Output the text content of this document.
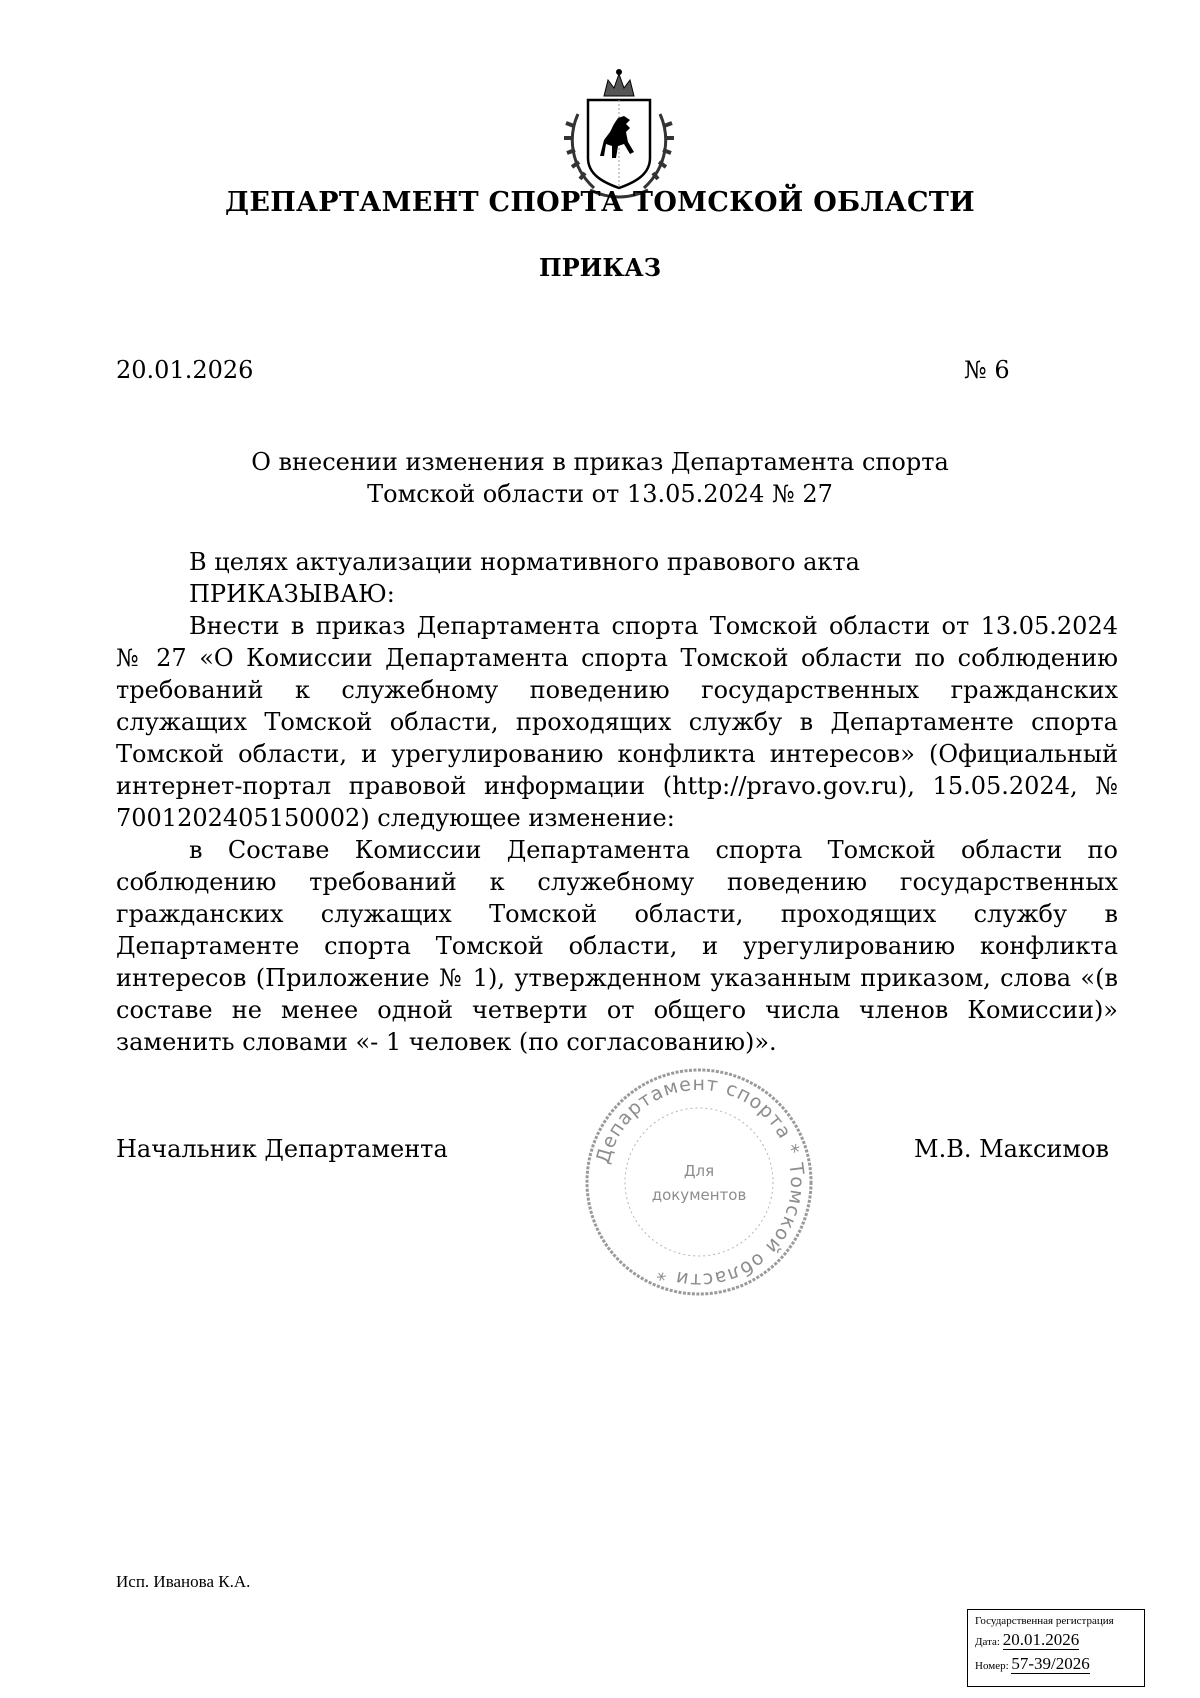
ДЕПАРТАМЕНТ СПОРТА ТОМСКОЙ ОБЛАСТИ
ПРИКАЗ
20.01.2026	№ 6
О внесении изменения в приказ Департамента спорта
Томской области от 13.05.2024 № 27

В целях актуализации нормативного правового акта

ПРИКАЗЫВАЮ:

Внести в приказ Департамента спорта Томской области от 13.05.2024 № 27 «О Комиссии Департамента спорта Томской области по соблюдению требований к служебному поведению государственных гражданских служащих Томской области, проходящих службу в Департаменте спорта Томской области, и урегулированию конфликта интересов» (Официальный интернет-портал правовой информации (http://pravo.gov.ru), 15.05.2024, № 7001202405150002) следующее изменение:

в Составе Комиссии Департамента спорта Томской области по соблюдению требований к служебному поведению государственных гражданских служащих Томской области, проходящих службу в Департаменте спорта Томской области, и урегулированию конфликта интересов (Приложение № 1), утвержденном указанным приказом, слова «(в составе не менее одной четверти от общего числа членов Комиссии)» заменить словами «- 1 человек (по согласованию)».

Начальник Департамента	М.В. Максимов
Департамент спорта * Томской области *
Для
документов
Исп. Иванова К.А.
Государственная регистрация
Дата: 20.01.2026
Номер: 57-39/2026
